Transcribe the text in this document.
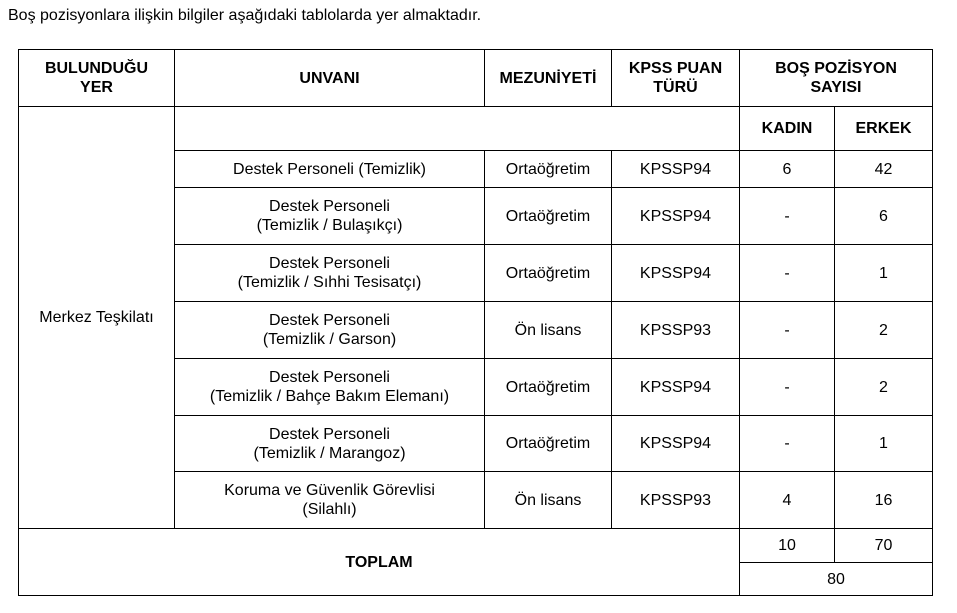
Boş pozisyonlara ilişkin bilgiler aşağıdaki tablolarda yer almaktadır.
BULUNDUĞU
YER	UNVANI	MEZUNİYETİ	KPSS PUAN
TÜRÜ	BOŞ POZİSYON
SAYISI	
Merkez Teşkilatı				KADIN	ERKEK
	Destek Personeli (Temizlik)	Ortaöğretim	KPSSP94	6	42
	Destek Personeli
(Temizlik / Bulaşıkçı)	Ortaöğretim	KPSSP94	-	6
	Destek Personeli
(Temizlik / Sıhhi Tesisatçı)	Ortaöğretim	KPSSP94	-	1
	Destek Personeli
(Temizlik / Garson)	Ön lisans	KPSSP93	-	2
	Destek Personeli
(Temizlik / Bahçe Bakım Elemanı)	Ortaöğretim	KPSSP94	-	2
	Destek Personeli
(Temizlik / Marangoz)	Ortaöğretim	KPSSP94	-	1
	Koruma ve Güvenlik Görevlisi
(Silahlı)	Ön lisans	KPSSP93	4	16
TOPLAM				10	70
				80	
